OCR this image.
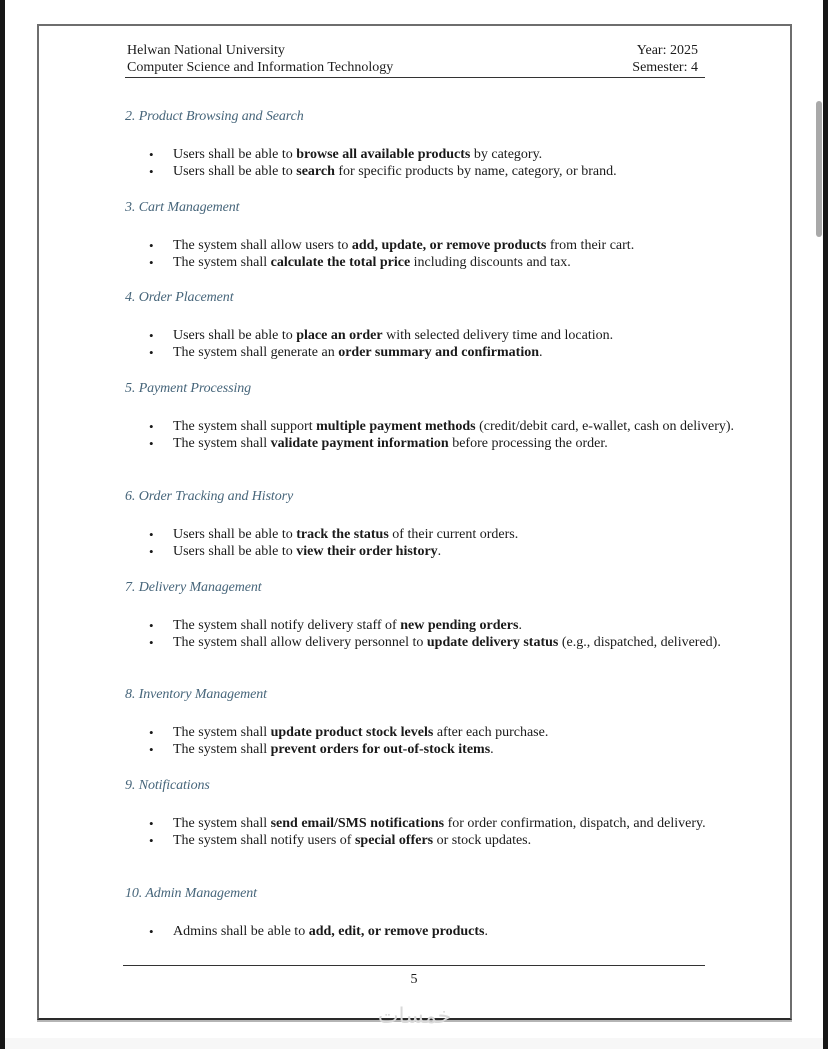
Helwan National University
Computer Science and Information Technology
Year: 2025
Semester: 4
2. Product Browsing and Search
• Users shall be able to browse all available products by category.
• Users shall be able to search for specific products by name, category, or brand.
3. Cart Management
• The system shall allow users to add, update, or remove products from their cart.
• The system shall calculate the total price including discounts and tax.
4. Order Placement
• Users shall be able to place an order with selected delivery time and location.
• The system shall generate an order summary and confirmation.
5. Payment Processing
• The system shall support multiple payment methods (credit/debit card, e-wallet, cash on delivery).
• The system shall validate payment information before processing the order.
6. Order Tracking and History
• Users shall be able to track the status of their current orders.
• Users shall be able to view their order history.
7. Delivery Management
• The system shall notify delivery staff of new pending orders.
• The system shall allow delivery personnel to update delivery status (e.g., dispatched, delivered).
8. Inventory Management
• The system shall update product stock levels after each purchase.
• The system shall prevent orders for out-of-stock items.
9. Notifications
• The system shall send email/SMS notifications for order confirmation, dispatch, and delivery.
• The system shall notify users of special offers or stock updates.
10. Admin Management
• Admins shall be able to add, edit, or remove products.
5
خمسات
